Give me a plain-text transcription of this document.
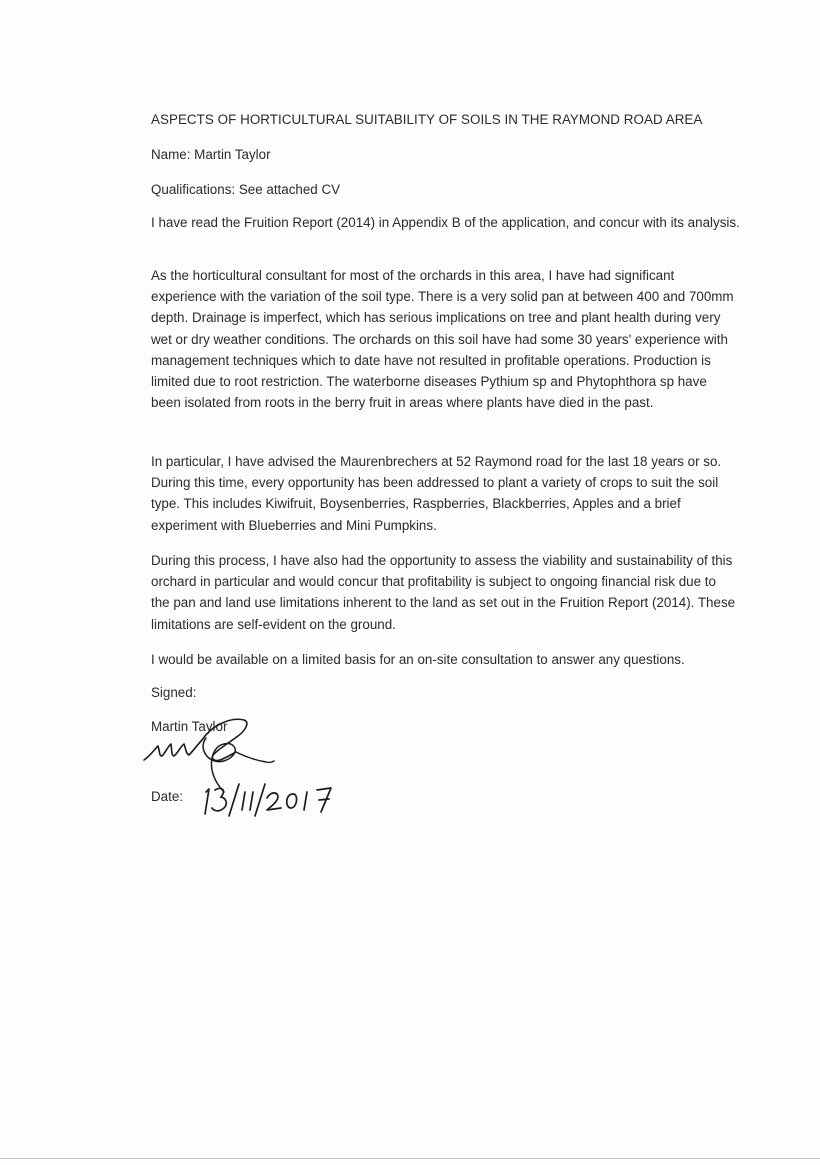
ASPECTS OF HORTICULTURAL SUITABILITY OF SOILS IN THE RAYMOND ROAD AREA

Name: Martin Taylor

Qualifications: See attached CV

I have read the Fruition Report (2014) in Appendix B of the application, and concur with its analysis.

As the horticultural consultant for most of the orchards in this area, I have had significant experience with the variation of the soil type. There is a very solid pan at between 400 and 700mm depth. Drainage is imperfect, which has serious implications on tree and plant health during very wet or dry weather conditions. The orchards on this soil have had some 30 years' experience with management techniques which to date have not resulted in profitable operations. Production is limited due to root restriction. The waterborne diseases Pythium sp and Phytophthora sp have been isolated from roots in the berry fruit in areas where plants have died in the past.

In particular, I have advised the Maurenbrechers at 52 Raymond road for the last 18 years or so. During this time, every opportunity has been addressed to plant a variety of crops to suit the soil type. This includes Kiwifruit, Boysenberries, Raspberries, Blackberries, Apples and a brief experiment with Blueberries and Mini Pumpkins.

During this process, I have also had the opportunity to assess the viability and sustainability of this orchard in particular and would concur that profitability is subject to ongoing financial risk due to the pan and land use limitations inherent to the land as set out in the Fruition Report (2014). These limitations are self-evident on the ground.

I would be available on a limited basis for an on-site consultation to answer any questions.

Signed:

Martin Taylor

Date:
